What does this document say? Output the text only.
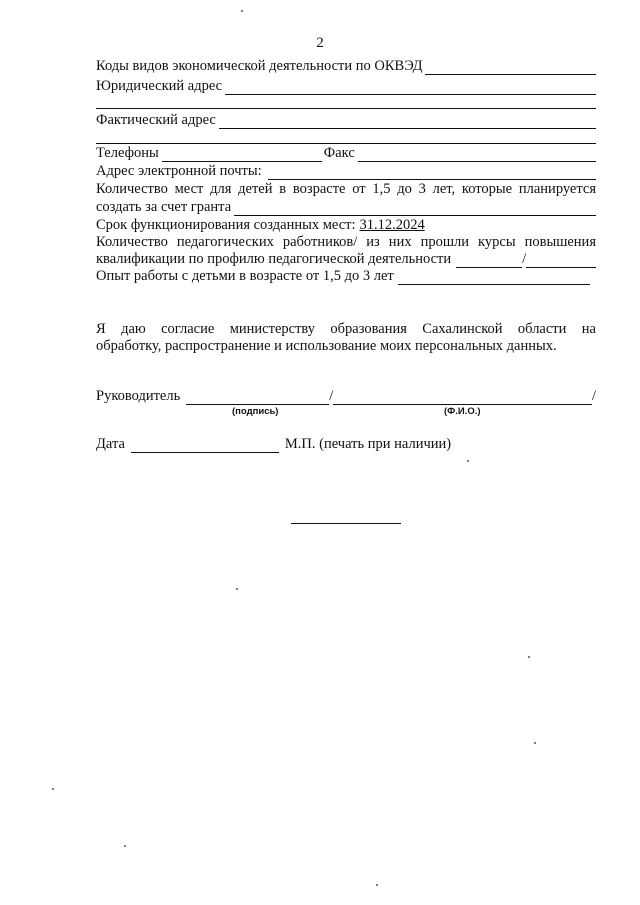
2
Коды видов экономической деятельности по ОКВЭД
Юридический адрес
Фактический адрес
Телефоны	Факс
Адрес электронной почты:
Количество мест для детей в возрасте от 1,5 до 3 лет, которые планируется
создать за счет гранта
Срок функционирования созданных мест: 31.12.2024
Количество педагогических работников/ из них прошли курсы повышения
квалификации по профилю педагогической деятельности	/
Опыт работы с детьми в возрасте от 1,5 до 3 лет
Я даю согласие министерству образования Сахалинской области на
обработку, распространение и использование моих персональных данных.
Руководитель	/	/
(подпись)	(Ф.И.О.)
Дата	М.П. (печать при наличии)
